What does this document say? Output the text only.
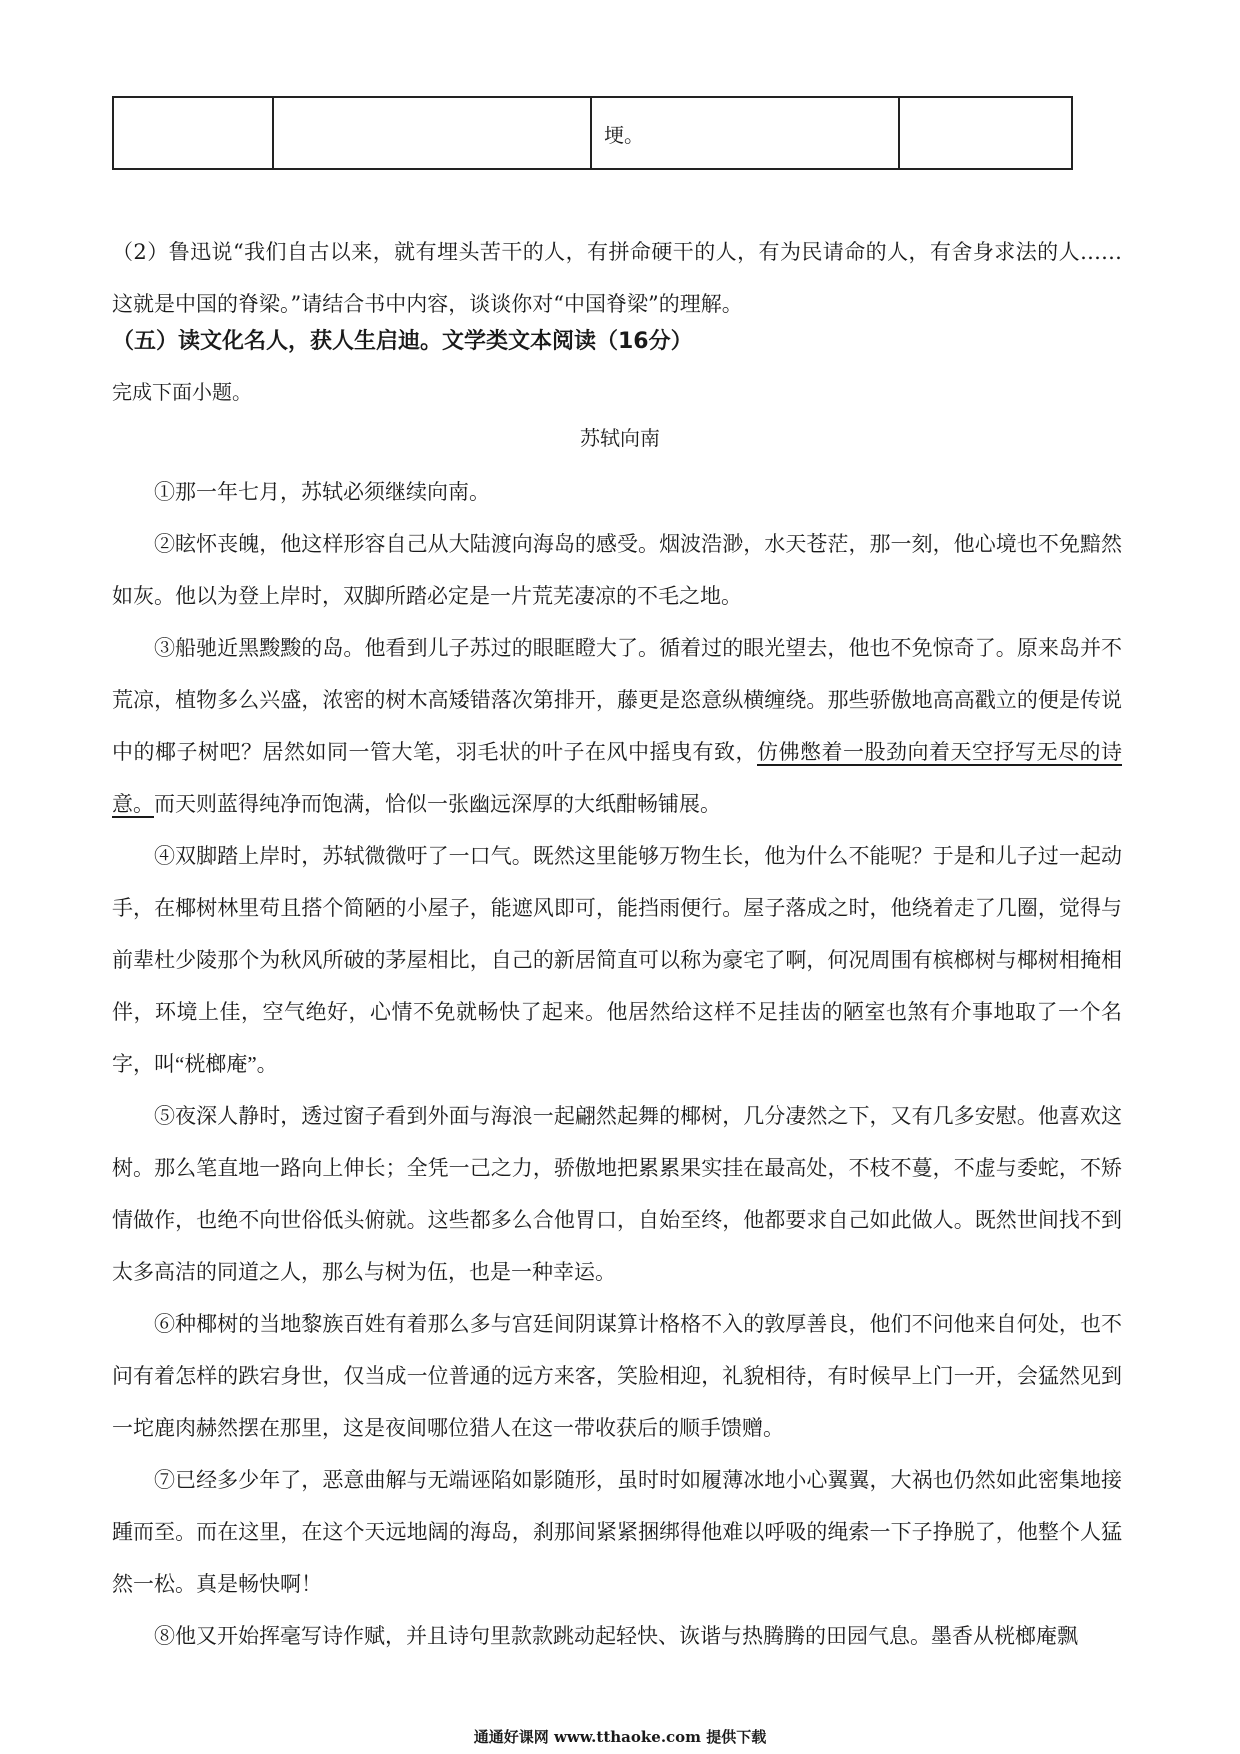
		埂。	

（2）鲁迅说“我们自古以来，就有埋头苦干的人，有拼命硬干的人，有为民请命的人，有舍身求法的人……这就是中国的脊梁。”请结合书中内容，谈谈你对“中国脊梁”的理解。

（五）读文化名人，获人生启迪。文学类文本阅读（16分）

完成下面小题。

苏轼向南

①那一年七月，苏轼必须继续向南。

②眩怀丧魄，他这样形容自己从大陆渡向海岛的感受。烟波浩渺，水天苍茫，那一刻，他心境也不免黯然如灰。他以为登上岸时，双脚所踏必定是一片荒芜凄凉的不毛之地。

③船驰近黑黢黢的岛。他看到儿子苏过的眼眶瞪大了。循着过的眼光望去，他也不免惊奇了。原来岛并不荒凉，植物多么兴盛，浓密的树木高矮错落次第排开，藤更是恣意纵横缠绕。那些骄傲地高高戳立的便是传说中的椰子树吧？居然如同一管大笔，羽毛状的叶子在风中摇曳有致，仿佛憋着一股劲向着天空抒写无尽的诗意。而天则蓝得纯净而饱满，恰似一张幽远深厚的大纸酣畅铺展。

④双脚踏上岸时，苏轼微微吁了一口气。既然这里能够万物生长，他为什么不能呢？于是和儿子过一起动手，在椰树林里苟且搭个简陋的小屋子，能遮风即可，能挡雨便行。屋子落成之时，他绕着走了几圈，觉得与前辈杜少陵那个为秋风所破的茅屋相比，自己的新居简直可以称为豪宅了啊，何况周围有槟榔树与椰树相掩相伴，环境上佳，空气绝好，心情不免就畅快了起来。他居然给这样不足挂齿的陋室也煞有介事地取了一个名字，叫“桄榔庵”。

⑤夜深人静时，透过窗子看到外面与海浪一起翩然起舞的椰树，几分凄然之下，又有几多安慰。他喜欢这树。那么笔直地一路向上伸长；全凭一己之力，骄傲地把累累果实挂在最高处，不枝不蔓，不虚与委蛇，不矫情做作，也绝不向世俗低头俯就。这些都多么合他胃口，自始至终，他都要求自己如此做人。既然世间找不到太多高洁的同道之人，那么与树为伍，也是一种幸运。

⑥种椰树的当地黎族百姓有着那么多与宫廷间阴谋算计格格不入的敦厚善良，他们不问他来自何处，也不问有着怎样的跌宕身世，仅当成一位普通的远方来客，笑脸相迎，礼貌相待，有时候早上门一开，会猛然见到一坨鹿肉赫然摆在那里，这是夜间哪位猎人在这一带收获后的顺手馈赠。

⑦已经多少年了，恶意曲解与无端诬陷如影随形，虽时时如履薄冰地小心翼翼，大祸也仍然如此密集地接踵而至。而在这里，在这个天远地阔的海岛，刹那间紧紧捆绑得他难以呼吸的绳索一下子挣脱了，他整个人猛然一松。真是畅快啊！

⑧他又开始挥毫写诗作赋，并且诗句里款款跳动起轻快、诙谐与热腾腾的田园气息。墨香从桄榔庵飘

通通好课网 www.tthaoke.com 提供下载
